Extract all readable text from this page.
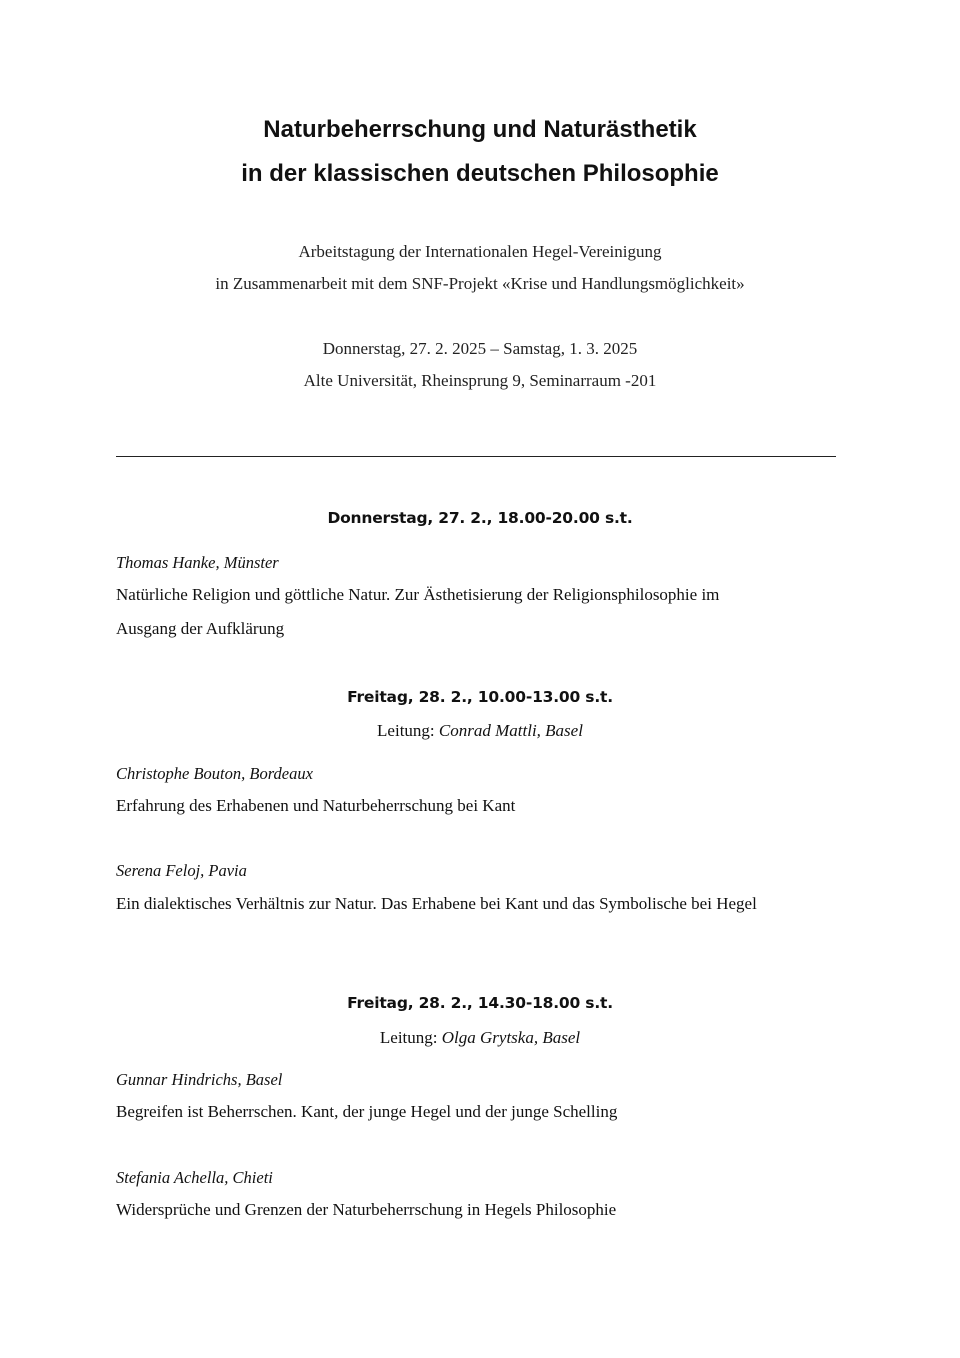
Naturbeherrschung und Naturästhetik
in der klassischen deutschen Philosophie
Arbeitstagung der Internationalen Hegel-Vereinigung
in Zusammenarbeit mit dem SNF-Projekt «Krise und Handlungsmöglichkeit»
Donnerstag, 27. 2. 2025 – Samstag, 1. 3. 2025
Alte Universität, Rheinsprung 9, Seminarraum -201
Donnerstag, 27. 2., 18.00-20.00 s.t.
Thomas Hanke, Münster
Natürliche Religion und göttliche Natur. Zur Ästhetisierung der Religionsphilosophie im
Ausgang der Aufklärung
Freitag, 28. 2., 10.00-13.00 s.t.
Leitung: Conrad Mattli, Basel
Christophe Bouton, Bordeaux
Erfahrung des Erhabenen und Naturbeherrschung bei Kant
Serena Feloj, Pavia
Ein dialektisches Verhältnis zur Natur. Das Erhabene bei Kant und das Symbolische bei Hegel
Freitag, 28. 2., 14.30-18.00 s.t.
Leitung: Olga Grytska, Basel
Gunnar Hindrichs, Basel
Begreifen ist Beherrschen. Kant, der junge Hegel und der junge Schelling
Stefania Achella, Chieti
Widersprüche und Grenzen der Naturbeherrschung in Hegels Philosophie
